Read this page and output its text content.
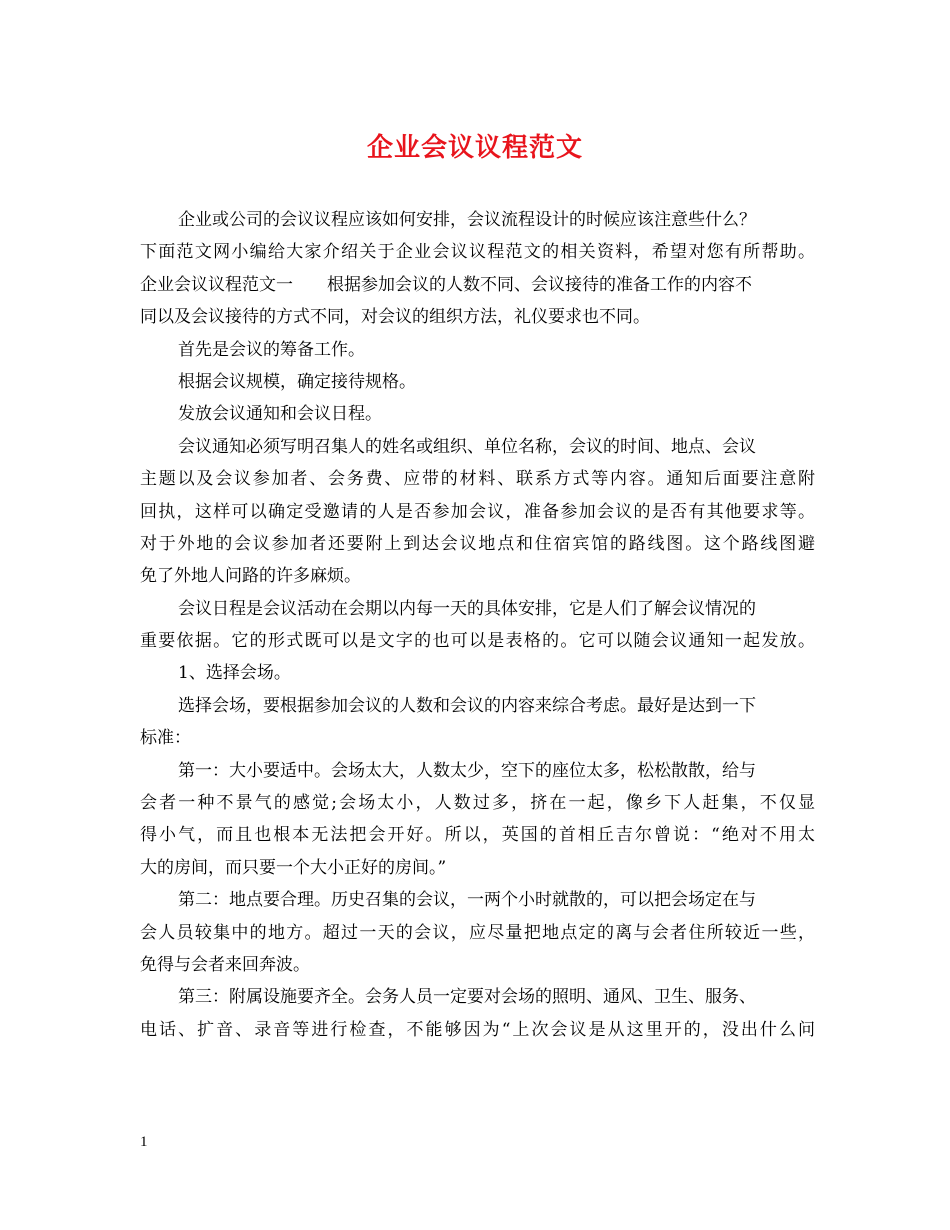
企业会议议程范文
企业或公司的会议议程应该如何安排，会议流程设计的时候应该注意些什么？
下面范文网小编给大家介绍关于企业会议议程范文的相关资料，希望对您有所帮助。
企业会议议程范文一　　根据参加会议的人数不同、会议接待的准备工作的内容不
同以及会议接待的方式不同，对会议的组织方法，礼仪要求也不同。
首先是会议的筹备工作。
根据会议规模，确定接待规格。
发放会议通知和会议日程。
会议通知必须写明召集人的姓名或组织、单位名称，会议的时间、地点、会议
主题以及会议参加者、会务费、应带的材料、联系方式等内容。通知后面要注意附
回执，这样可以确定受邀请的人是否参加会议，准备参加会议的是否有其他要求等。
对于外地的会议参加者还要附上到达会议地点和住宿宾馆的路线图。这个路线图避
免了外地人问路的许多麻烦。
会议日程是会议活动在会期以内每一天的具体安排，它是人们了解会议情况的
重要依据。它的形式既可以是文字的也可以是表格的。它可以随会议通知一起发放。
1、选择会场。
选择会场，要根据参加会议的人数和会议的内容来综合考虑。最好是达到一下
标准：
第一：大小要适中。会场太大，人数太少，空下的座位太多，松松散散，给与
会者一种不景气的感觉;会场太小，人数过多，挤在一起，像乡下人赶集，不仅显
得小气，而且也根本无法把会开好。所以，英国的首相丘吉尔曾说：“绝对不用太
大的房间，而只要一个大小正好的房间。”
第二：地点要合理。历史召集的会议，一两个小时就散的，可以把会场定在与
会人员较集中的地方。超过一天的会议，应尽量把地点定的离与会者住所较近一些，
免得与会者来回奔波。
第三：附属设施要齐全。会务人员一定要对会场的照明、通风、卫生、服务、
电话、扩音、录音等进行检查，不能够因为“上次会议是从这里开的，没出什么问
1
